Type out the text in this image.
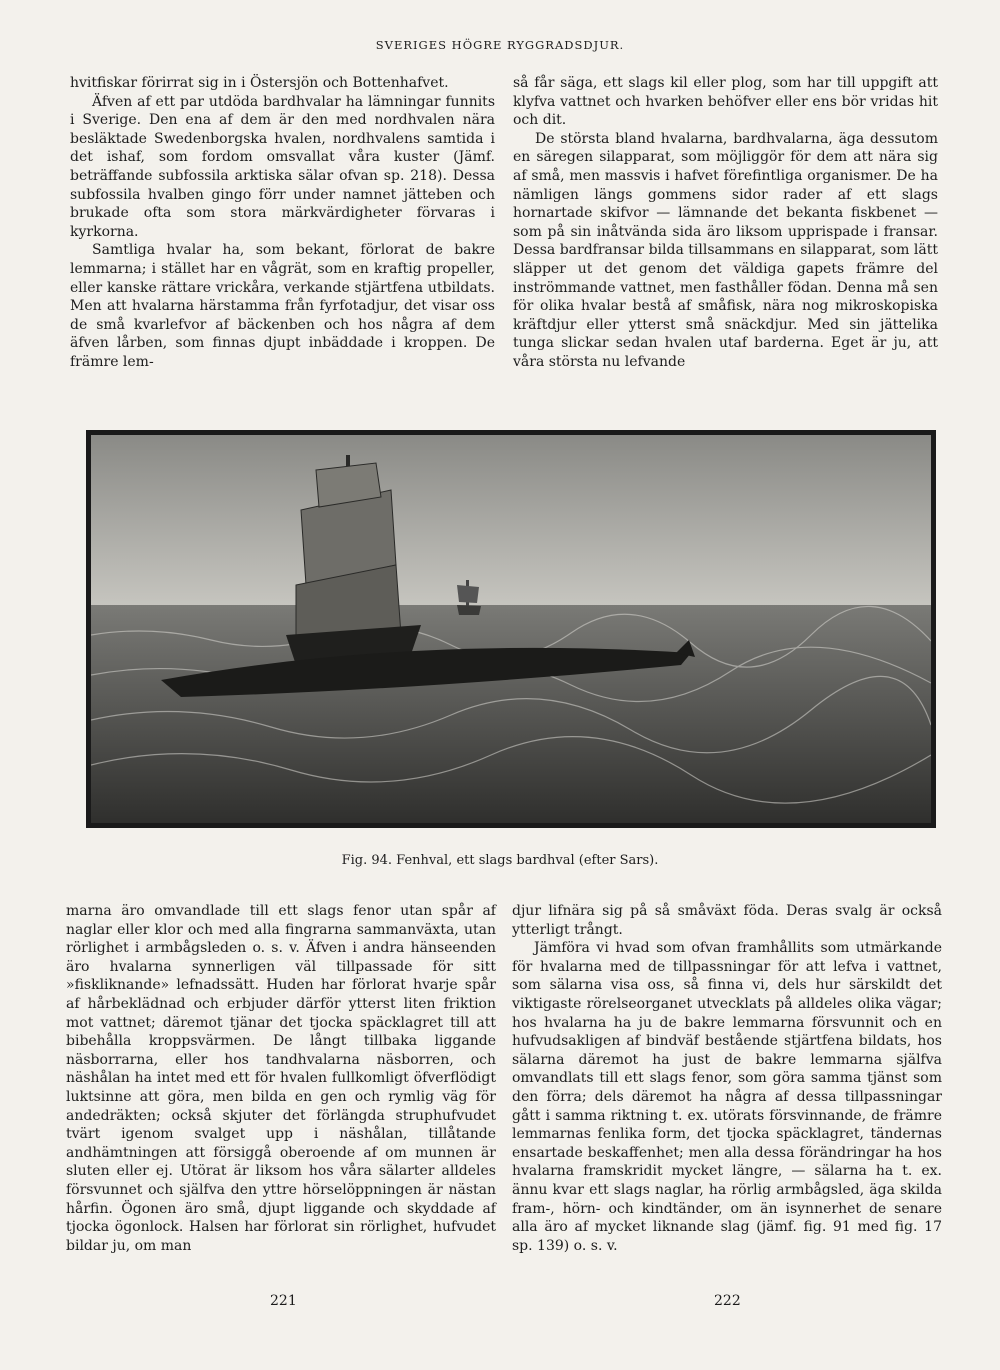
SVERIGES HÖGRE RYGGRADSDJUR.

hvitfiskar förirrat sig in i Östersjön och Bottenhafvet.

Äfven af ett par utdöda bardhvalar ha lämningar funnits i Sverige. Den ena af dem är den med nordhvalen nära besläktade Swedenborgska hvalen, nordhvalens samtida i det ishaf, som fordom omsvallat våra kuster (Jämf. beträffande subfossila arktiska sälar ofvan sp. 218). Dessa subfossila hvalben gingo förr under namnet jätteben och brukade ofta som stora märkvärdigheter förvaras i kyrkorna.

Samtliga hvalar ha, som bekant, förlorat de bakre lemmarna; i stället har en vågrät, som en kraftig propeller, eller kanske rättare vrickåra, verkande stjärtfena utbildats. Men att hvalarna härstamma från fyrfotadjur, det visar oss de små kvarlefvor af bäckenben och hos några af dem äfven lårben, som finnas djupt inbäddade i kroppen. De främre lem-

så får säga, ett slags kil eller plog, som har till uppgift att klyfva vattnet och hvarken behöfver eller ens bör vridas hit och dit.

De största bland hvalarna, bardhvalarna, äga dessutom en säregen silapparat, som möjliggör för dem att nära sig af små, men massvis i hafvet förefintliga organismer. De ha nämligen längs gommens sidor rader af ett slags hornartade skifvor — lämnande det bekanta fiskbenet — som på sin inåtvända sida äro liksom upprispade i fransar. Dessa bardfransar bilda tillsammans en silapparat, som lätt släpper ut det genom det väldiga gapets främre del inströmmande vattnet, men fasthåller födan. Denna må sen för olika hvalar bestå af småfisk, nära nog mikroskopiska kräftdjur eller ytterst små snäckdjur. Med sin jättelika tunga slickar sedan hvalen utaf barderna. Eget är ju, att våra största nu lefvande

Fig. 94. Fenhval, ett slags bardhval (efter Sars).

marna äro omvandlade till ett slags fenor utan spår af naglar eller klor och med alla fingrarna sammanväxta, utan rörlighet i armbågsleden o. s. v. Äfven i andra hänseenden äro hvalarna synnerligen väl tillpassade för sitt »fiskliknande» lefnadssätt. Huden har förlorat hvarje spår af hårbeklädnad och erbjuder därför ytterst liten friktion mot vattnet; däremot tjänar det tjocka späcklagret till att bibehålla kroppsvärmen. De långt tillbaka liggande näsborrarna, eller hos tandhvalarna näsborren, och näshålan ha intet med ett för hvalen fullkomligt öfverflödigt luktsinne att göra, men bilda en gen och rymlig väg för andedräkten; också skjuter det förlängda struphufvudet tvärt igenom svalget upp i näshålan, tillåtande andhämtningen att försiggå oberoende af om munnen är sluten eller ej. Utörat är liksom hos våra sälarter alldeles försvunnet och själfva den yttre hörselöppningen är nästan hårfin. Ögonen äro små, djupt liggande och skyddade af tjocka ögonlock. Halsen har förlorat sin rörlighet, hufvudet bildar ju, om man

djur lifnära sig på så småväxt föda. Deras svalg är också ytterligt trångt.

Jämföra vi hvad som ofvan framhållits som utmärkande för hvalarna med de tillpassningar för att lefva i vattnet, som sälarna visa oss, så finna vi, dels hur särskildt det viktigaste rörelseorganet utvecklats på alldeles olika vägar; hos hvalarna ha ju de bakre lemmarna försvunnit och en hufvudsakligen af bindväf bestående stjärtfena bildats, hos sälarna däremot ha just de bakre lemmarna själfva omvandlats till ett slags fenor, som göra samma tjänst som den förra; dels däremot ha några af dessa tillpassningar gått i samma riktning t. ex. utörats försvinnande, de främre lemmarnas fenlika form, det tjocka späcklagret, tändernas ensartade beskaffenhet; men alla dessa förändringar ha hos hvalarna framskridit mycket längre, — sälarna ha t. ex. ännu kvar ett slags naglar, ha rörlig armbågsled, äga skilda fram-, hörn- och kindtänder, om än isynnerhet de senare alla äro af mycket liknande slag (jämf. fig. 91 med fig. 17 sp. 139) o. s. v.

221	222
